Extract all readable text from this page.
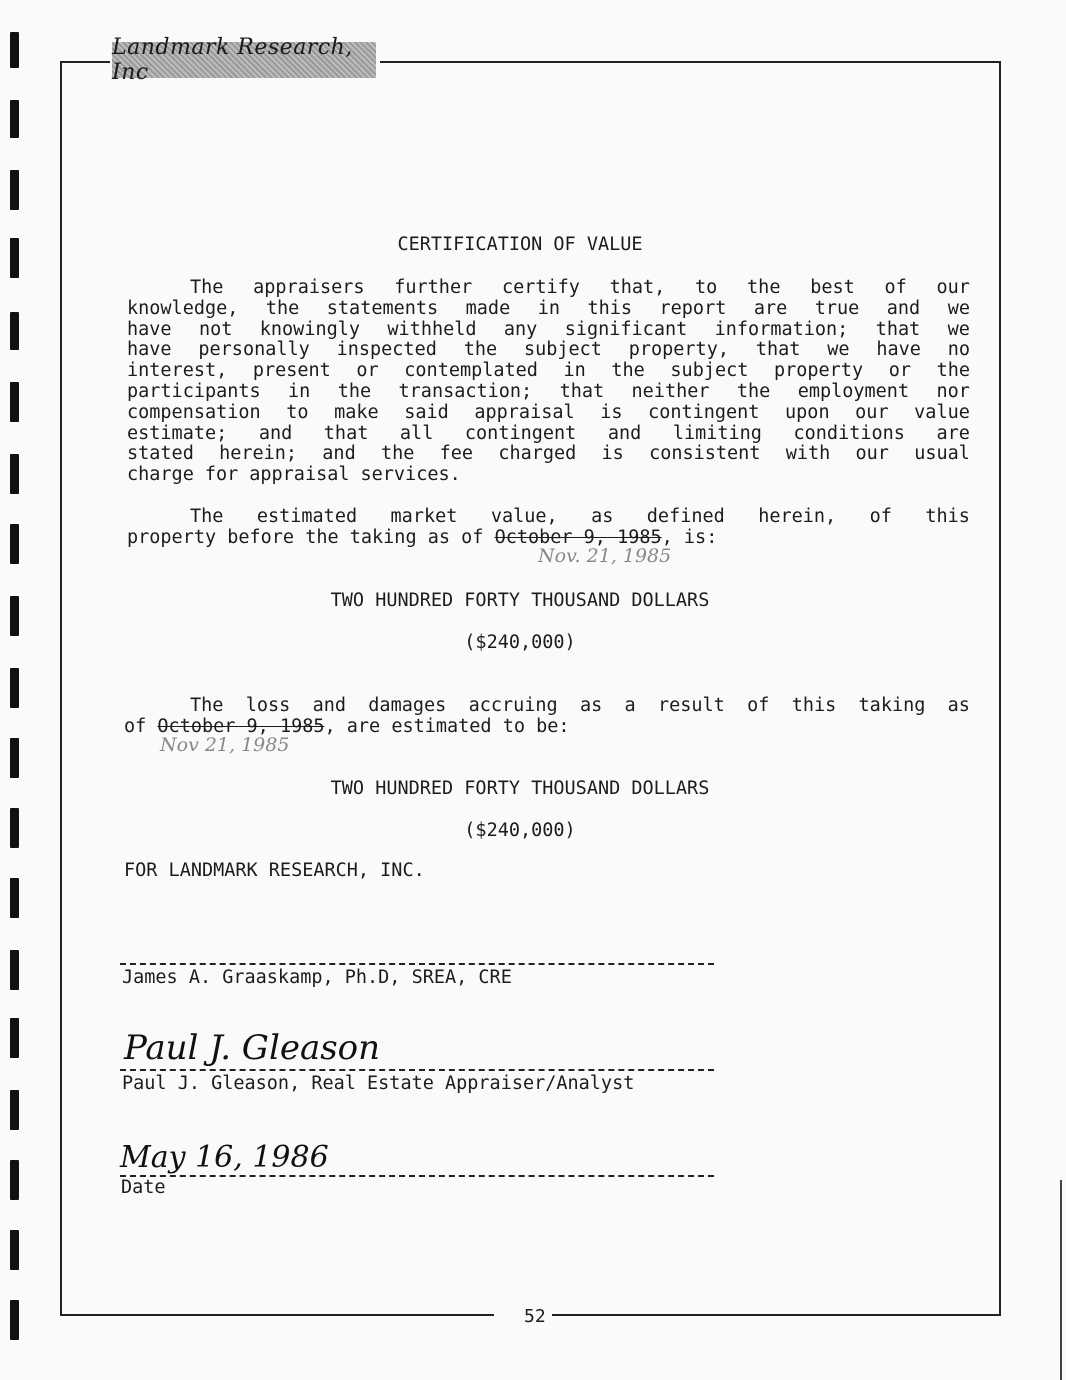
Landmark Research, Inc
CERTIFICATION OF VALUE
The appraisers further certify that, to the best of our
knowledge, the statements made in this report are true and we
have not knowingly withheld any significant information; that we
have personally inspected the subject property, that we have no
interest, present or contemplated in the subject property or the
participants in the transaction; that neither the employment nor
compensation to make said appraisal is contingent upon our value
estimate; and that all contingent and limiting conditions are
stated herein; and the fee charged is consistent with our usual
charge for appraisal services.
The estimated market value, as defined herein, of this
property before the taking as of October 9, 1985, is:
Nov. 21, 1985
TWO HUNDRED FORTY THOUSAND DOLLARS
($240,000)
The loss and damages accruing as a result of this taking as
of October 9, 1985, are estimated to be:
Nov 21, 1985
TWO HUNDRED FORTY THOUSAND DOLLARS
($240,000)
FOR LANDMARK RESEARCH, INC.
James A. Graaskamp, Ph.D, SREA, CRE
Paul J. Gleason
Paul J. Gleason, Real Estate Appraiser/Analyst
May 16, 1986
Date
52
